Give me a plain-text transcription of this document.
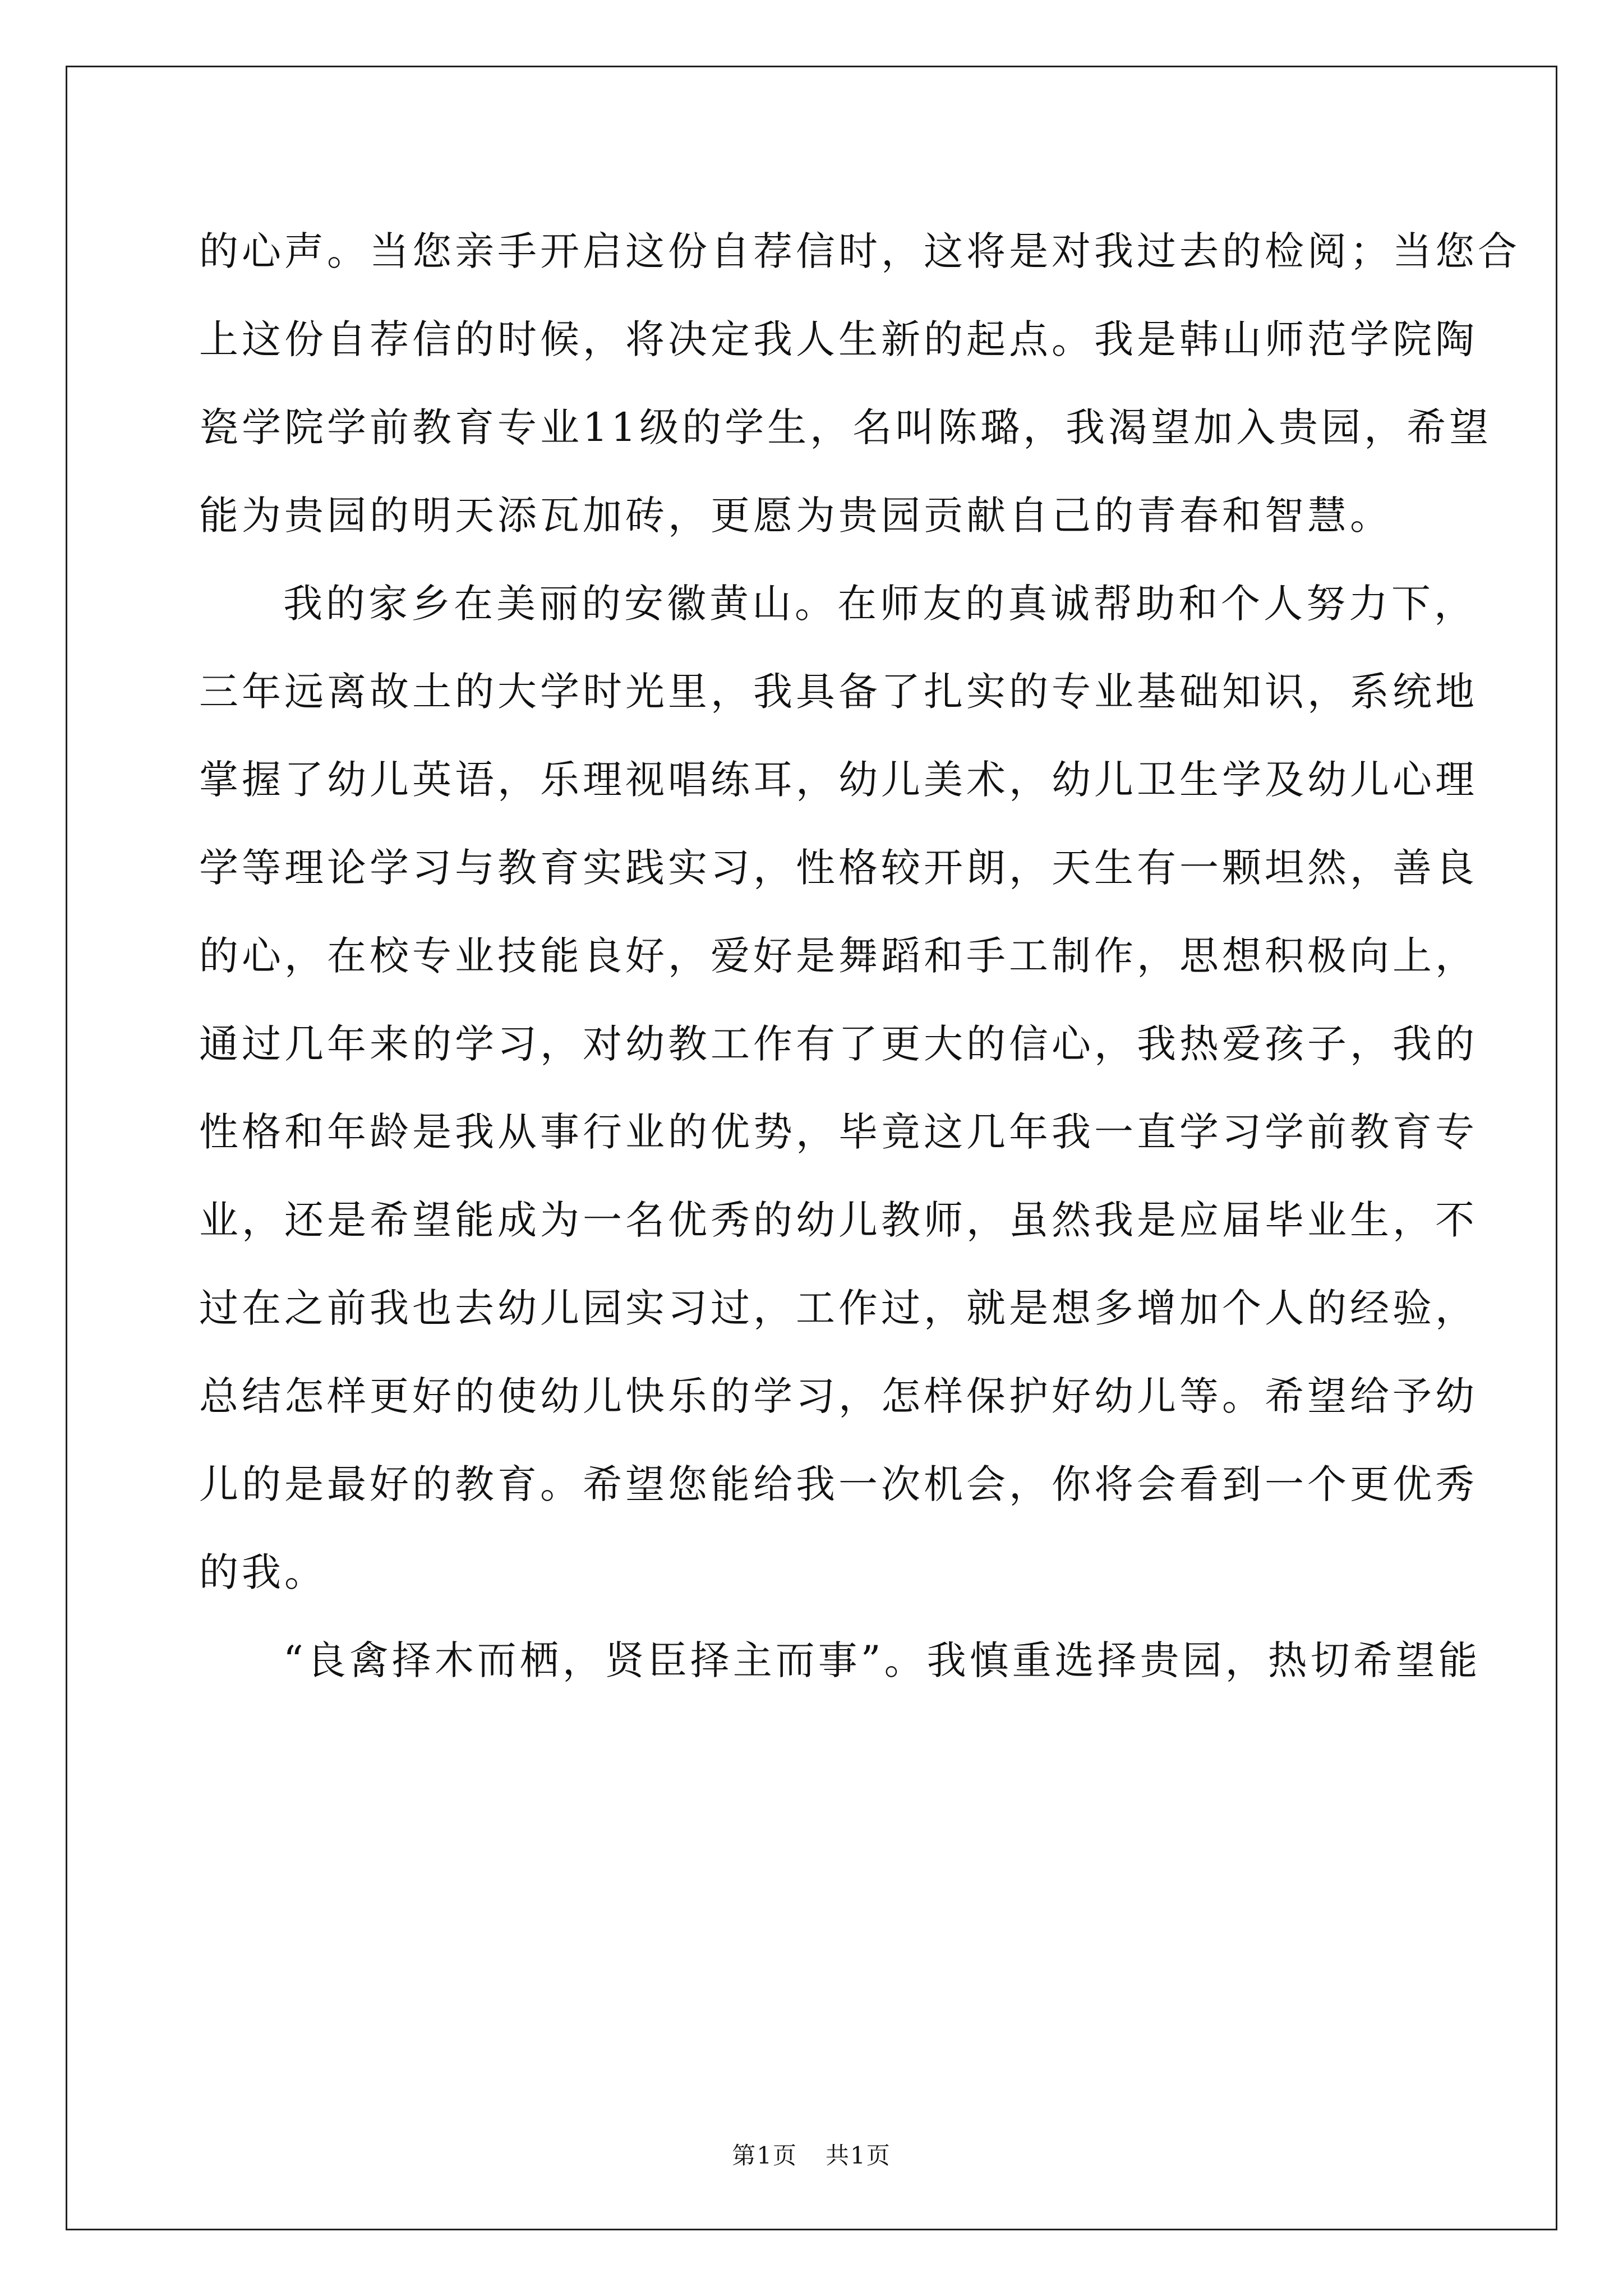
的心声。当您亲手开启这份自荐信时，这将是对我过去的检阅；当您合
上这份自荐信的时候，将决定我人生新的起点。我是韩山师范学院陶
瓷学院学前教育专业11级的学生，名叫陈璐，我渴望加入贵园，希望
能为贵园的明天添瓦加砖，更愿为贵园贡献自己的青春和智慧。
我的家乡在美丽的安徽黄山。在师友的真诚帮助和个人努力下，
三年远离故土的大学时光里，我具备了扎实的专业基础知识，系统地
掌握了幼儿英语，乐理视唱练耳，幼儿美术，幼儿卫生学及幼儿心理
学等理论学习与教育实践实习，性格较开朗，天生有一颗坦然，善良
的心，在校专业技能良好，爱好是舞蹈和手工制作，思想积极向上，
通过几年来的学习，对幼教工作有了更大的信心，我热爱孩子，我的
性格和年龄是我从事行业的优势，毕竟这几年我一直学习学前教育专
业，还是希望能成为一名优秀的幼儿教师，虽然我是应届毕业生，不
过在之前我也去幼儿园实习过，工作过，就是想多增加个人的经验，
总结怎样更好的使幼儿快乐的学习，怎样保护好幼儿等。希望给予幼
儿的是最好的教育。希望您能给我一次机会，你将会看到一个更优秀
的我。
“良禽择木而栖，贤臣择主而事”。我慎重选择贵园，热切希望能
第1页 共1页
